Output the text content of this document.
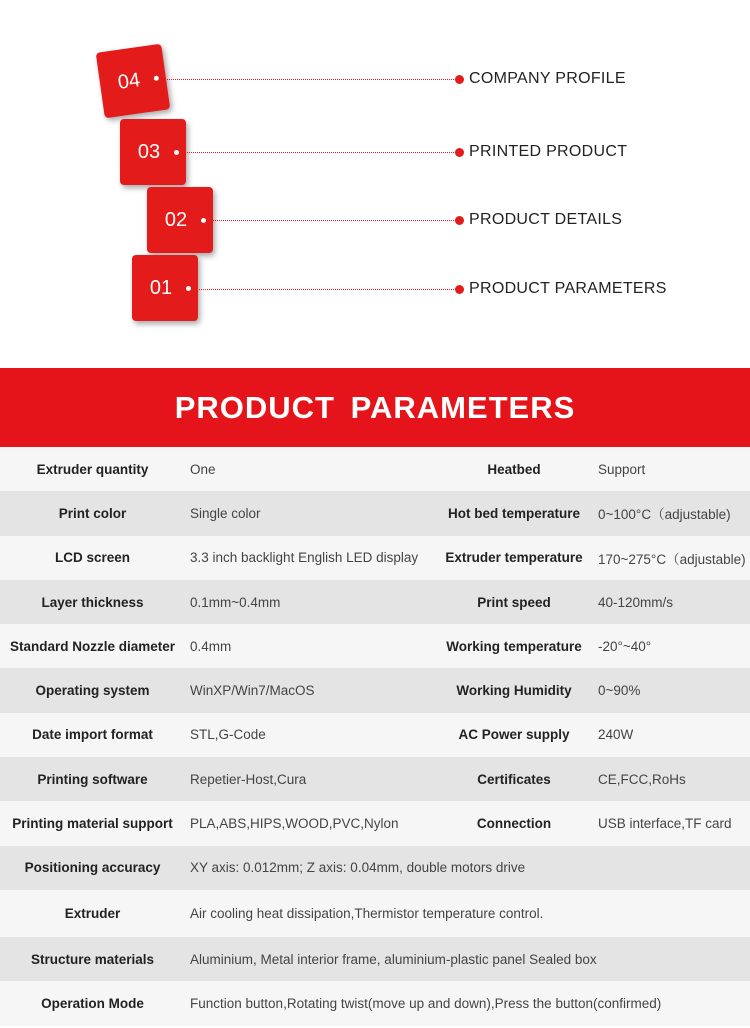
04	COMPANY PROFILE
03	PRINTED PRODUCT
02	PRODUCT DETAILS
01	PRODUCT PARAMETERS
PRODUCT PARAMETERS
Extruder quantity	One	Heatbed	Support
Print color	Single color	Hot bed temperature	0~100°C（adjustable)
LCD screen	3.3 inch backlight English LED display	Extruder temperature	170~275°C（adjustable)
Layer thickness	0.1mm~0.4mm	Print speed	40-120mm/s
Standard Nozzle diameter	0.4mm	Working temperature	-20°~40°
Operating system	WinXP/Win7/MacOS	Working Humidity	0~90%
Date import format	STL,G-Code	AC Power supply	240W
Printing software	Repetier-Host,Cura	Certificates	CE,FCC,RoHs
Printing material support	PLA,ABS,HIPS,WOOD,PVC,Nylon	Connection	USB interface,TF card
Positioning accuracy	XY axis: 0.012mm; Z axis: 0.04mm, double motors drive
Extruder	Air cooling heat dissipation,Thermistor temperature control.
Structure materials	Aluminium, Metal interior frame, aluminium-plastic panel Sealed box
Operation Mode	Function button,Rotating twist(move up and down),Press the button(confirmed)
